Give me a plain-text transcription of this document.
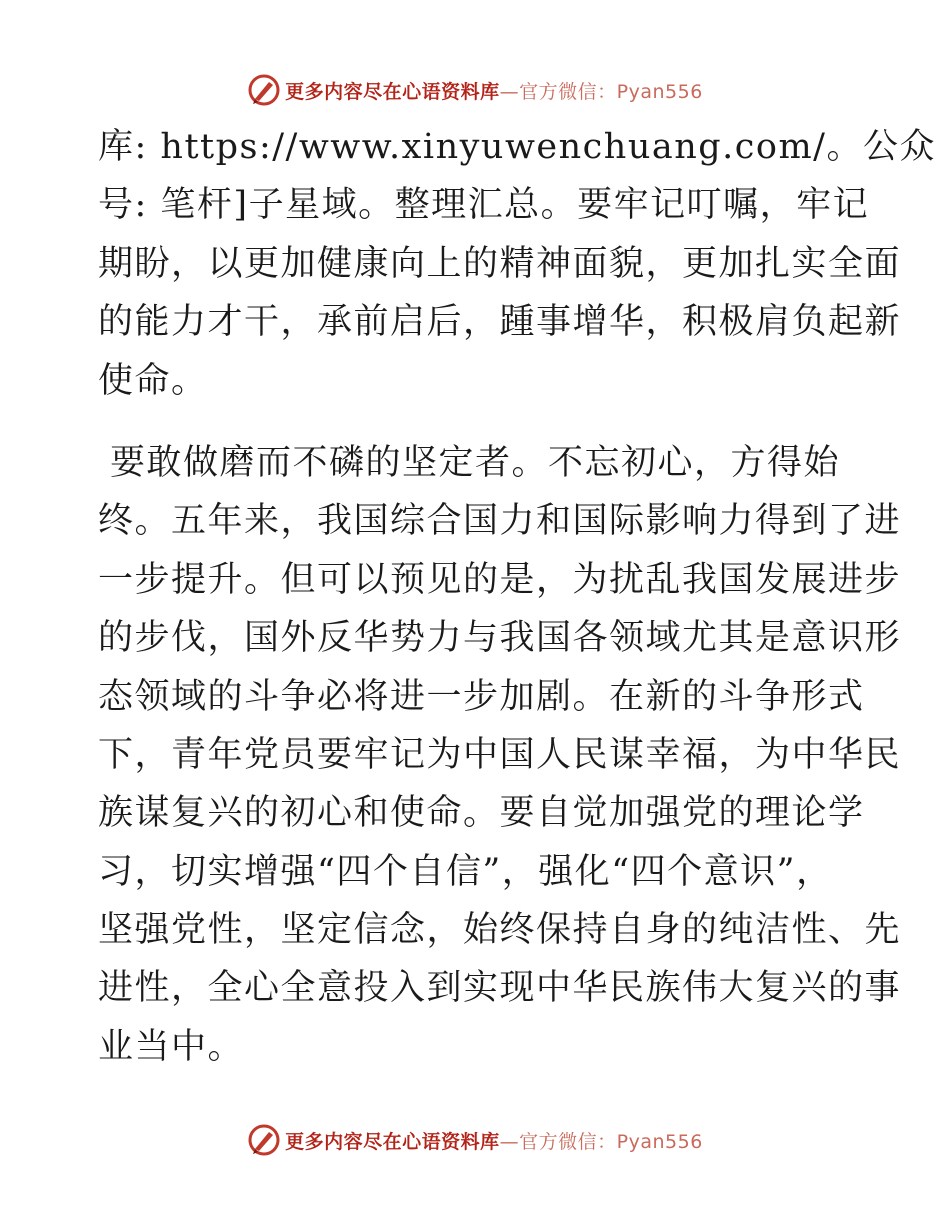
更多内容尽在心语资料库—官方微信：Pyan556
库: https://www.xinyuwenchuang.com/。公众
号: 笔杆]子星域。整理汇总。要牢记叮嘱，牢记
期盼，以更加健康向上的精神面貌，更加扎实全面
的能力才干，承前启后，踵事增华，积极肩负起新
使命。
要敢做磨而不磷的坚定者。不忘初心，方得始
终。五年来，我国综合国力和国际影响力得到了进
一步提升。但可以预见的是，为扰乱我国发展进步
的步伐，国外反华势力与我国各领域尤其是意识形
态领域的斗争必将进一步加剧。在新的斗争形式
下，青年党员要牢记为中国人民谋幸福，为中华民
族谋复兴的初心和使命。要自觉加强党的理论学
习，切实增强“四个自信”，强化“四个意识”，
坚强党性，坚定信念，始终保持自身的纯洁性、先
进性，全心全意投入到实现中华民族伟大复兴的事
业当中。
更多内容尽在心语资料库—官方微信：Pyan556
